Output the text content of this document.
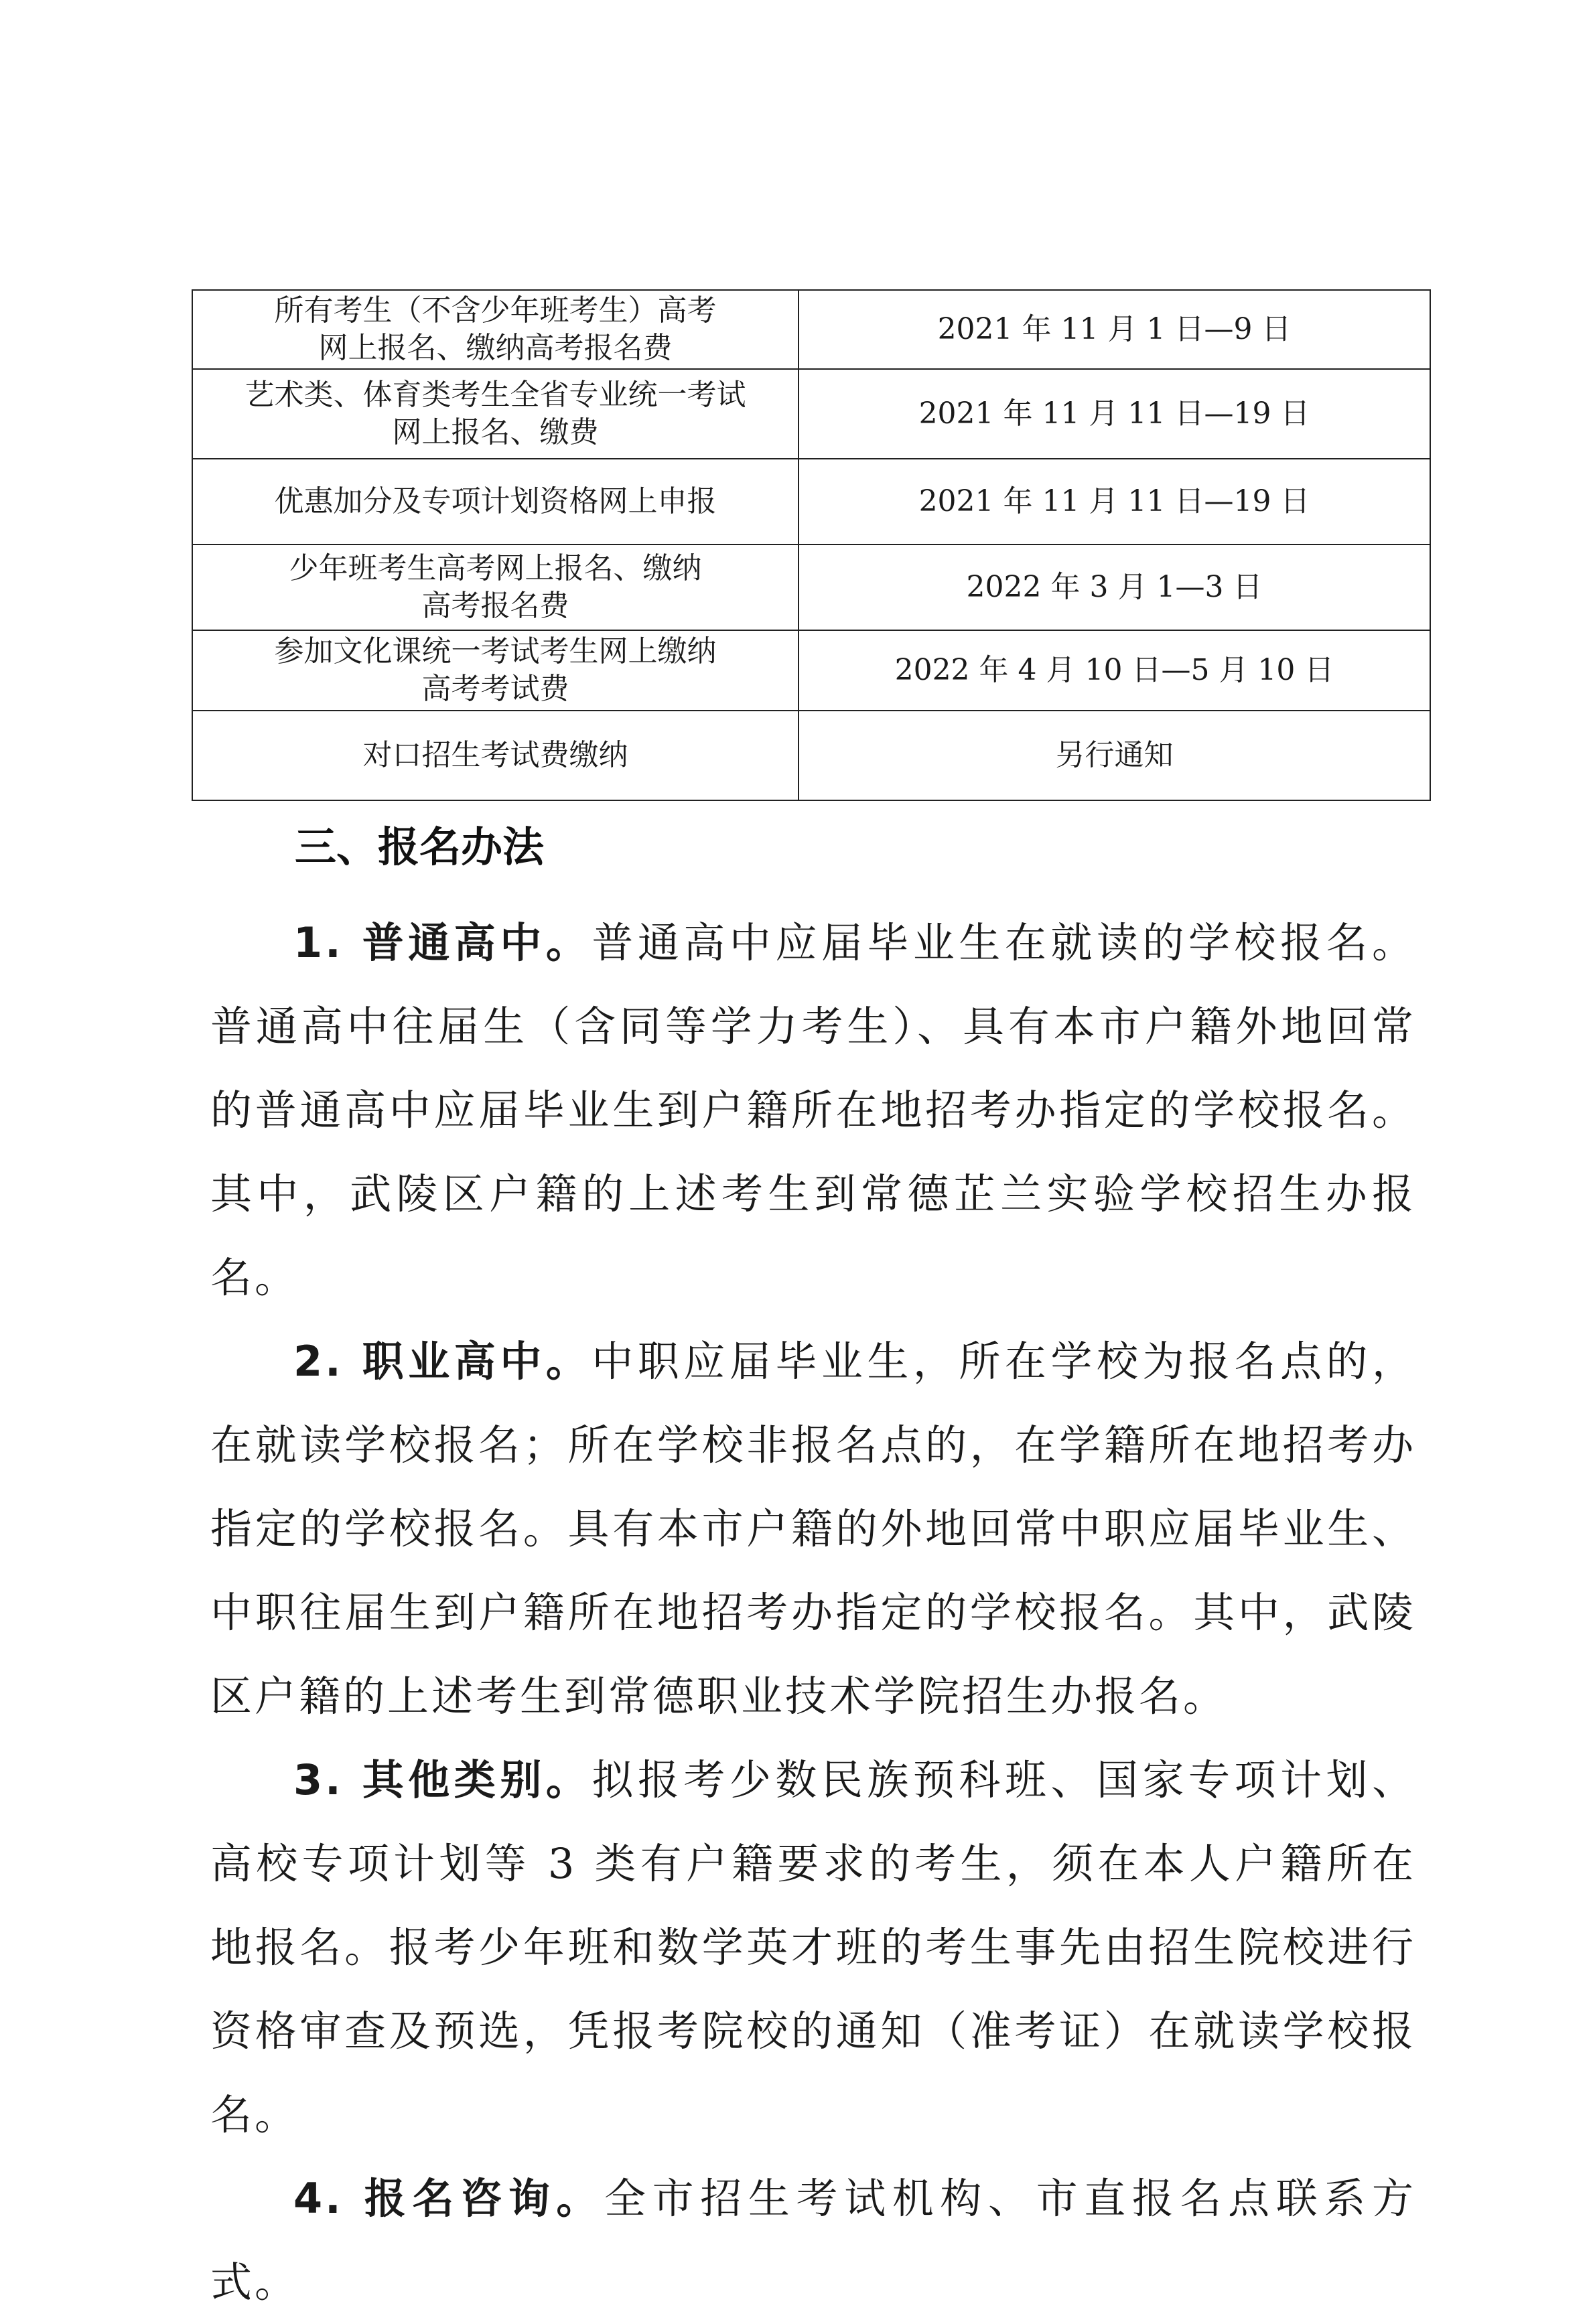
所有考生（不含少年班考生）高考
网上报名、缴纳高考报名费	2021 年 11 月 1 日—9 日

艺术类、体育类考生全省专业统一考试
网上报名、缴费	2021 年 11 月 11 日—19 日

优惠加分及专项计划资格网上申报	2021 年 11 月 11 日—19 日

少年班考生高考网上报名、缴纳
高考报名费	2022 年 3 月 1—3 日

参加文化课统一考试考生网上缴纳
高考考试费	2022 年 4 月 10 日—5 月 10 日

对口招生考试费缴纳	另行通知
三、报名办法

1. 普通高中。普通高中应届毕业生在就读的学校报名。普通高中往届生（含同等学力考生）、具有本市户籍外地回常的普通高中应届毕业生到户籍所在地招考办指定的学校报名。其中，武陵区户籍的上述考生到常德芷兰实验学校招生办报名。

2. 职业高中。中职应届毕业生，所在学校为报名点的，在就读学校报名；所在学校非报名点的，在学籍所在地招考办指定的学校报名。具有本市户籍的外地回常中职应届毕业生、中职往届生到户籍所在地招考办指定的学校报名。其中，武陵区户籍的上述考生到常德职业技术学院招生办报名。

3. 其他类别。拟报考少数民族预科班、国家专项计划、高校专项计划等 3 类有户籍要求的考生，须在本人户籍所在地报名。报考少年班和数学英才班的考生事先由招生院校进行资格审查及预选，凭报考院校的通知（准考证）在就读学校报名。

4. 报名咨询。全市招生考试机构、市直报名点联系方式。
